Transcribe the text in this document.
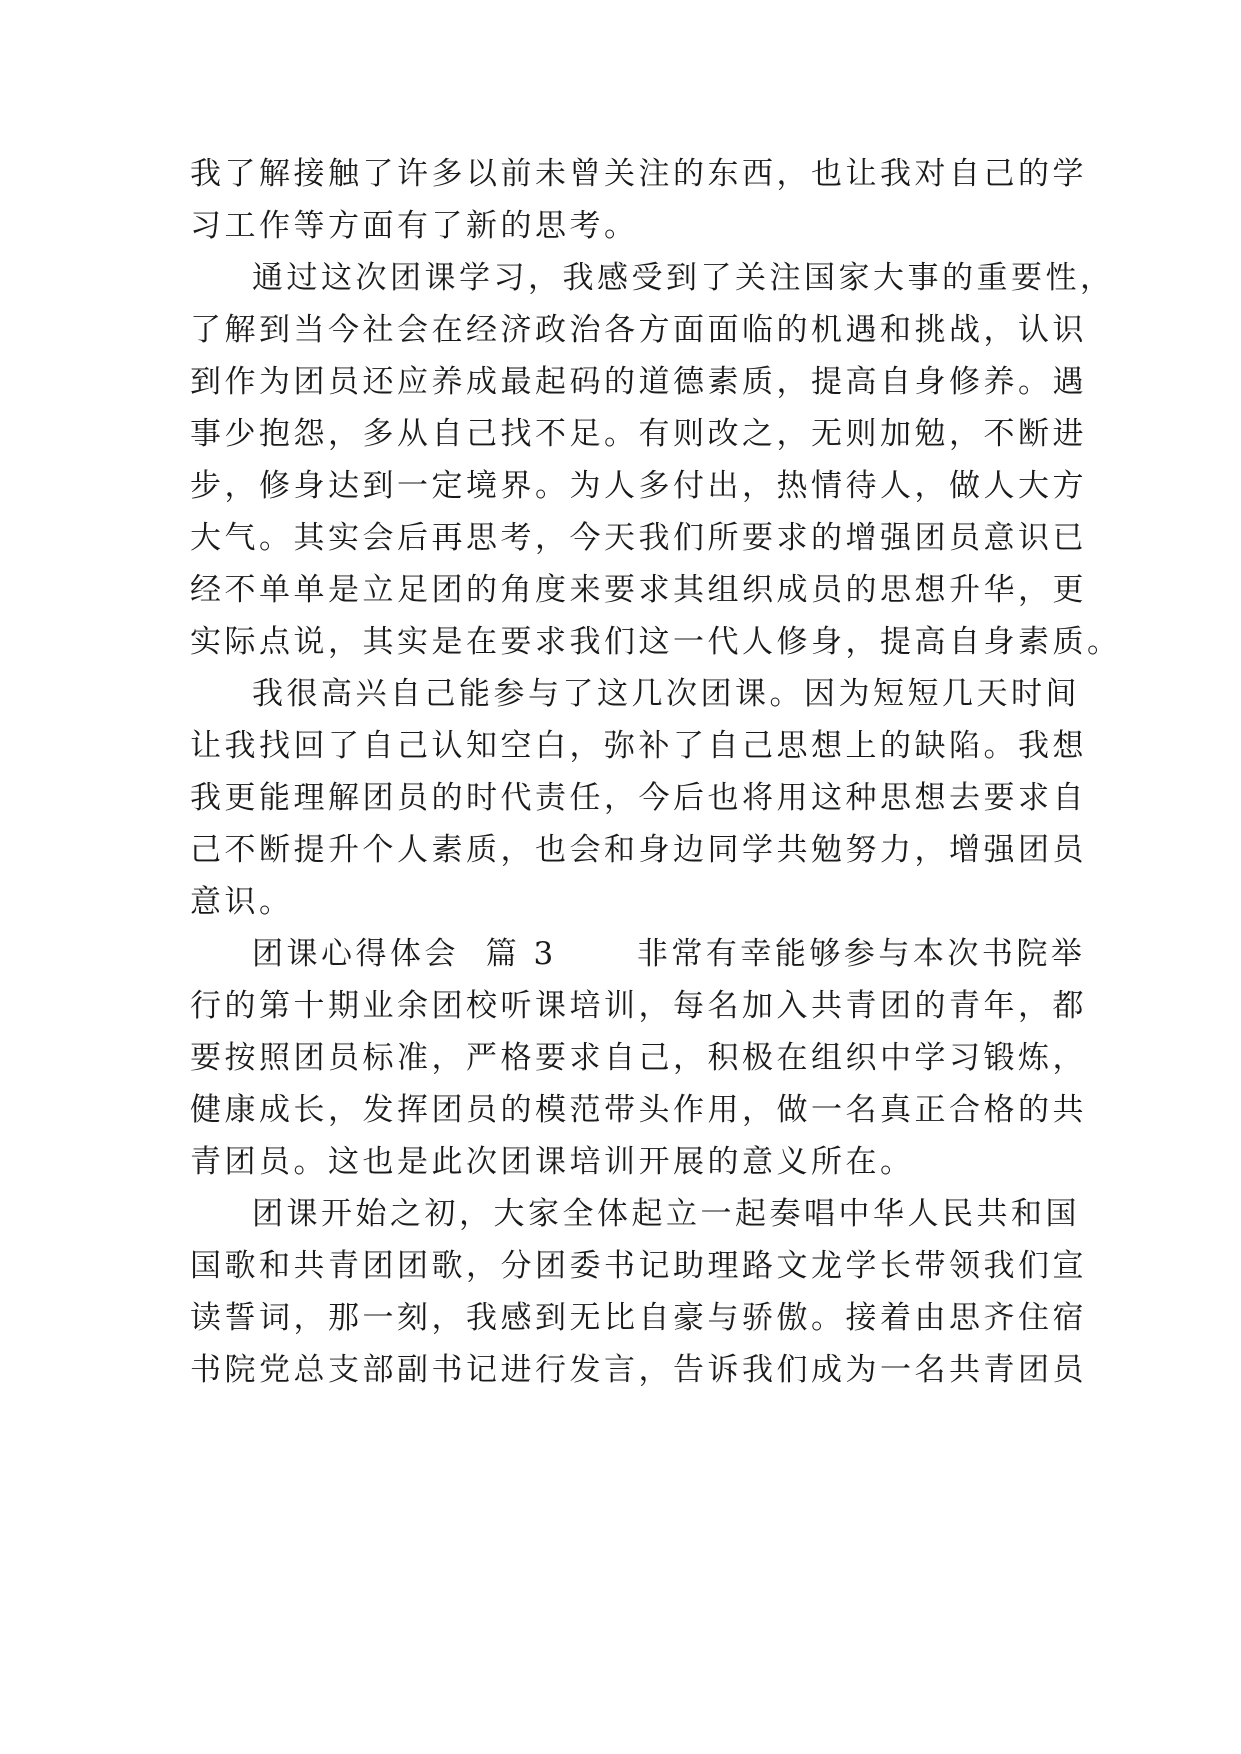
我了解接触了许多以前未曾关注的东西，也让我对自己的学
习工作等方面有了新的思考。
通过这次团课学习，我感受到了关注国家大事的重要性，
了解到当今社会在经济政治各方面面临的机遇和挑战，认识
到作为团员还应养成最起码的道德素质，提高自身修养。遇
事少抱怨，多从自己找不足。有则改之，无则加勉，不断进
步，修身达到一定境界。为人多付出，热情待人，做人大方
大气。其实会后再思考，今天我们所要求的增强团员意识已
经不单单是立足团的角度来要求其组织成员的思想升华，更
实际点说，其实是在要求我们这一代人修身，提高自身素质。
我很高兴自己能参与了这几次团课。因为短短几天时间
让我找回了自己认知空白，弥补了自己思想上的缺陷。我想
我更能理解团员的时代责任，今后也将用这种思想去要求自
己不断提升个人素质，也会和身边同学共勉努力，增强团员
意识。
团课心得体会  篇 3      非常有幸能够参与本次书院举
行的第十期业余团校听课培训，每名加入共青团的青年，都
要按照团员标准，严格要求自己，积极在组织中学习锻炼，
健康成长，发挥团员的模范带头作用，做一名真正合格的共
青团员。这也是此次团课培训开展的意义所在。
团课开始之初，大家全体起立一起奏唱中华人民共和国
国歌和共青团团歌，分团委书记助理路文龙学长带领我们宣
读誓词，那一刻，我感到无比自豪与骄傲。接着由思齐住宿
书院党总支部副书记进行发言，告诉我们成为一名共青团员
